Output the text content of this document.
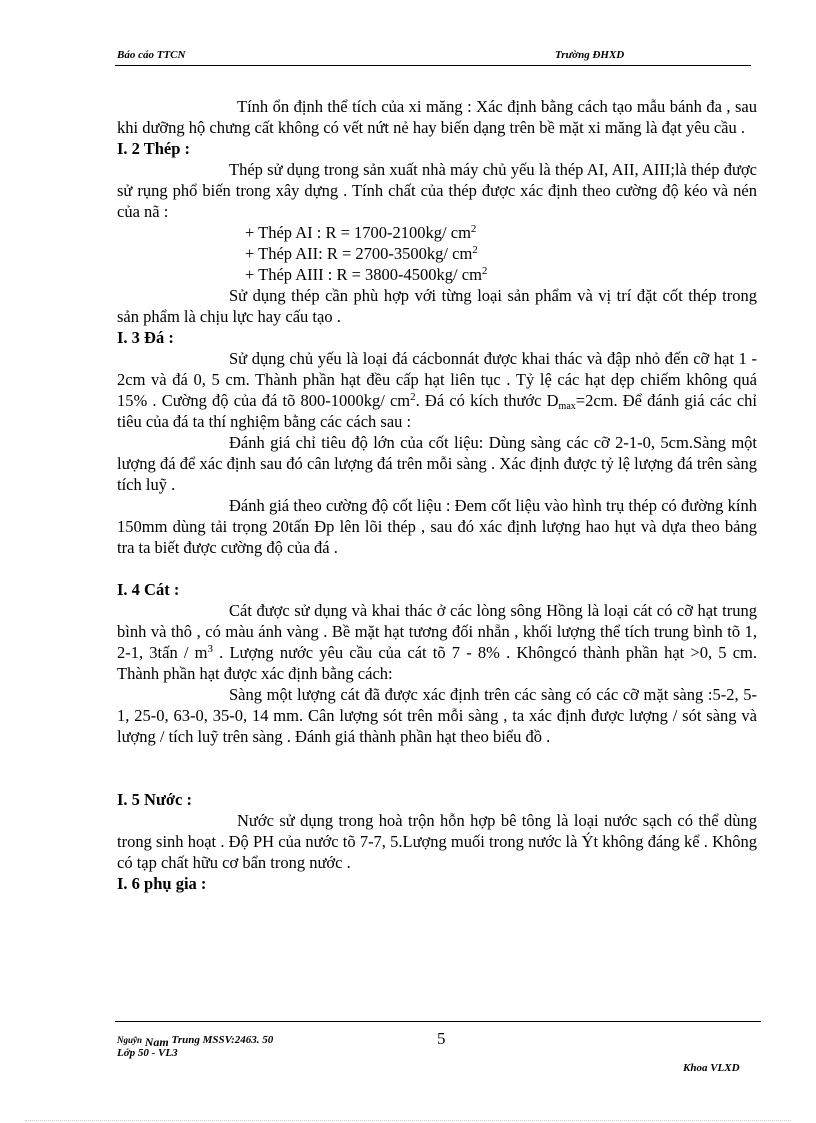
Báo cáo TTCN	Trường ĐHXD

Tính ổn định thể tích của xi măng : Xác định bằng cách tạo mẫu bánh đa , sau khi dưỡng hộ chưng cất không có vết nứt nẻ hay biến dạng trên bề mặt xi măng là đạt yêu cầu .

I. 2 Thép :

Thép sử dụng trong sản xuất nhà máy chủ yếu là thép AI, AII, AIII;là thép được sử rụng phổ biến trong xây dựng . Tính chất của thép được xác định theo cường độ kéo và nén của nã :

+ Thép AI : R = 1700-2100kg/ $cm^2$

+ Thép AII: R = 2700-3500kg/ $cm^2$

+ Thép AIII : R = 3800-4500kg/ $cm^2$

Sử dụng thép cần phù hợp với từng loại sản phẩm và vị trí đặt cốt thép trong sản phẩm là chịu lực hay cấu tạo .

I. 3 Đá :

Sử dụng chủ yếu là loại đá cácbonnát được khai thác và đập nhỏ đến cỡ hạt 1 - 2cm và đá 0, 5 cm. Thành phần hạt đều cấp hạt liên tục . Tỷ lệ các hạt dẹp chiếm không quá 15% . Cường độ của đá tõ 800-1000kg/ $cm^2$. Đá có kích thước $D_{max}=2cm$. Để đánh giá các chỉ tiêu của đá ta thí nghiệm bằng các cách sau :

Đánh giá chỉ tiêu độ lớn của cốt liệu: Dùng sàng các cỡ 2-1-0, 5cm.Sàng một lượng đá để xác định sau đó cân lượng đá trên mỗi sàng . Xác định được tỷ lệ lượng đá trên sàng tích luỹ .

Đánh giá theo cường độ cốt liệu : Đem cốt liệu vào hình trụ thép có đường kính 150mm dùng tải trọng 20tấn Ðp lên lõi thép , sau đó xác định lượng hao hụt và dựa theo bảng tra ta biết được cường độ của đá .

I. 4 Cát :

Cát được sử dụng và khai thác ở các lòng sông Hồng là loại cát có cỡ hạt trung bình và thô , có màu ánh vàng . Bề mặt hạt tương đối nhẵn , khối lượng thể tích trung bình tõ 1, 2-1, 3tấn / $m^3$ . Lượng nước yêu cầu của cát tõ 7 - 8% . Khôngcó thành phần hạt >0, 5 cm. Thành phần hạt được xác định bằng cách:

Sàng một lượng cát đã được xác định trên các sàng có các cỡ mặt sàng :5-2, 5-1, 25-0, 63-0, 35-0, 14 mm. Cân lượng sót trên mỗi sàng , ta xác định được lượng / sót sàng và lượng / tích luỹ trên sàng . Đánh giá thành phần hạt theo biểu đồ .

I. 5 Nước :

Nước sử dụng trong hoà trộn hỗn hợp bê tông là loại nước sạch có thể dùng trong sinh hoạt . Độ PH của nước tõ 7-7, 5.Lượng muối trong nước là Ýt không đáng kể . Không có tạp chất hữu cơ bẩn trong nước .

I. 6 phụ gia :

Nguỹn Nam Trung MSSV:2463. 50
Lớp 50 - VL3
5
Khoa VLXD
